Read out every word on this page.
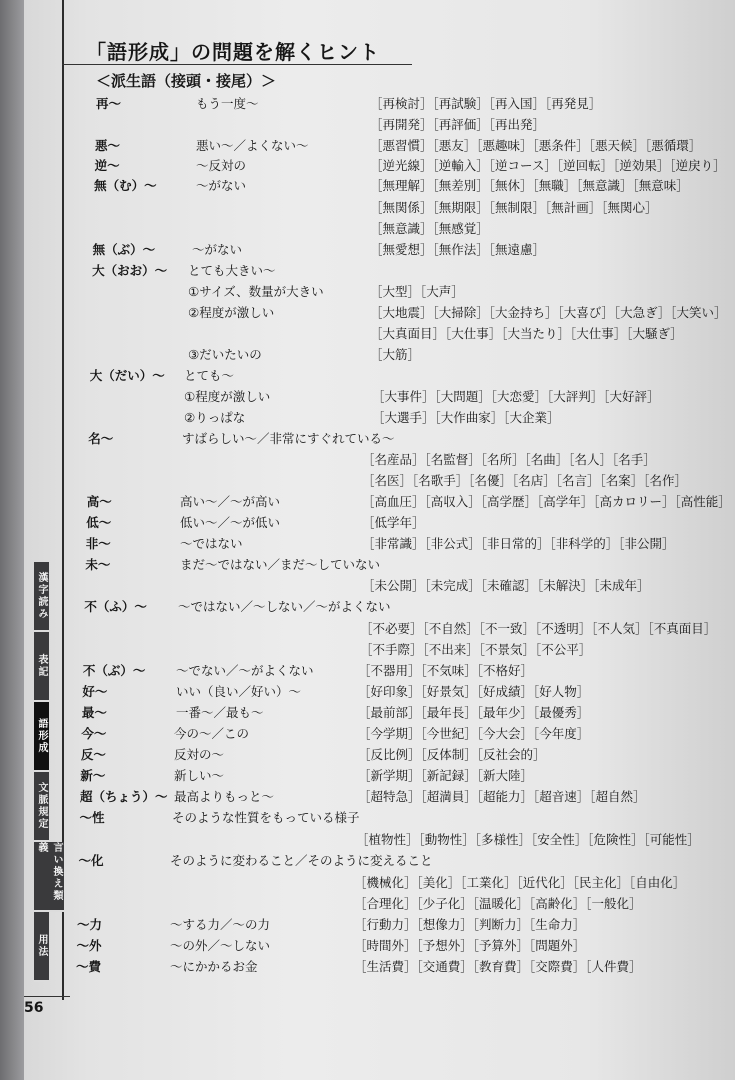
「語形成」の問題を解くヒント
＜派生語（接頭・接尾）＞
再～	もう一度～	［再検討］［再試験］［再入国］［再発見］
［再開発］［再評価］［再出発］
悪～	悪い～／よくない～	［悪習慣］［悪友］［悪趣味］［悪条件］［悪天候］［悪循環］
逆～	～反対の	［逆光線］［逆輸入］［逆コース］［逆回転］［逆効果］［逆戻り］
無（む）～	～がない	［無理解］［無差別］［無休］［無職］［無意識］［無意味］
［無関係］［無期限］［無制限］［無計画］［無関心］
［無意識］［無感覚］
無（ぶ）～	～がない	［無愛想］［無作法］［無遠慮］
大（おお）～ とても大きい～
①サイズ、数量が大きい	［大型］［大声］
②程度が激しい	［大地震］［大掃除］［大金持ち］［大喜び］［大急ぎ］［大笑い］
［大真面目］［大仕事］［大当たり］［大仕事］［大騒ぎ］
③だいたいの	［大筋］
大（だい）～ とても～
①程度が激しい	［大事件］［大問題］［大恋愛］［大評判］［大好評］
②りっぱな	［大選手］［大作曲家］［大企業］
名～	すばらしい～／非常にすぐれている～
［名産品］［名監督］［名所］［名曲］［名人］［名手］
［名医］［名歌手］［名優］［名店］［名言］［名案］［名作］
高～	高い～／～が高い	［高血圧］［高収入］［高学歴］［高学年］［高カロリー］［高性能］
低～	低い～／～が低い	［低学年］
非～	～ではない	［非常識］［非公式］［非日常的］［非科学的］［非公開］
未～	まだ～ではない／まだ～していない
［未公開］［未完成］［未確認］［未解決］［未成年］
不（ふ）～ ～ではない／～しない／～がよくない
［不必要］［不自然］［不一致］［不透明］［不人気］［不真面目］
［不手際］［不出来］［不景気］［不公平］
不（ぶ）～ ～でない／～がよくない	［不器用］［不気味］［不格好］
好～	いい（良い／好い）～	［好印象］［好景気］［好成績］［好人物］
最～	一番～／最も～	［最前部］［最年長］［最年少］［最優秀］
今～	今の～／この	［今学期］［今世紀］［今大会］［今年度］
反～	反対の～	［反比例］［反体制］［反社会的］
新～	新しい～	［新学期］［新記録］［新大陸］
超（ちょう）～ 最高よりもっと～	［超特急］［超満員］［超能力］［超音速］［超自然］
～性	そのような性質をもっている様子
［植物性］［動物性］［多様性］［安全性］［危険性］［可能性］
～化	そのように変わること／そのように変えること
［機械化］［美化］［工業化］［近代化］［民主化］［自由化］
［合理化］［少子化］［温暖化］［高齢化］［一般化］
～力	～する力／～の力	［行動力］［想像力］［判断力］［生命力］
～外	～の外／～しない	［時間外］［予想外］［予算外］［問題外］
～費	～にかかるお金	［生活費］［交通費］［教育費］［交際費］［人件費］
漢字読み
表記
語形成
文脈規定
言い換え類義
用法
56
